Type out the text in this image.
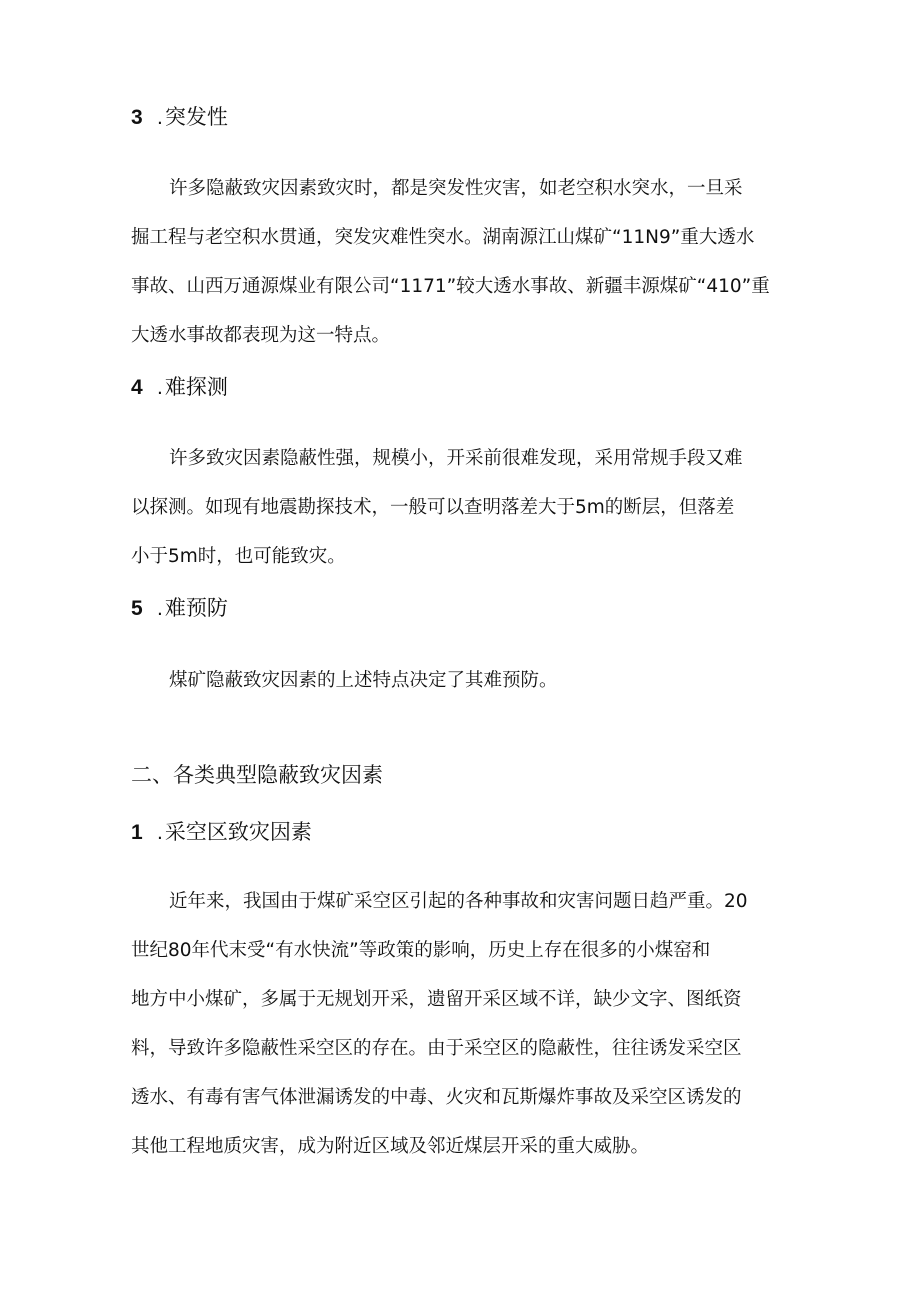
3 .突发性
许多隐蔽致灾因素致灾时，都是突发性灾害，如老空积水突水，一旦采
掘工程与老空积水贯通，突发灾难性突水。湖南源江山煤矿“11N9”重大透水
事故、山西万通源煤业有限公司“1171”较大透水事故、新疆丰源煤矿“410”重
大透水事故都表现为这一特点。
4 .难探测
许多致灾因素隐蔽性强，规模小，开采前很难发现，采用常规手段又难
以探测。如现有地震勘探技术，一般可以查明落差大于5m的断层，但落差
小于5m时，也可能致灾。
5 .难预防
煤矿隐蔽致灾因素的上述特点决定了其难预防。
二、各类典型隐蔽致灾因素
1 .采空区致灾因素
近年来，我国由于煤矿采空区引起的各种事故和灾害问题日趋严重。20
世纪80年代末受“有水快流”等政策的影响，历史上存在很多的小煤窑和
地方中小煤矿，多属于无规划开采，遗留开采区域不详，缺少文字、图纸资
料，导致许多隐蔽性采空区的存在。由于采空区的隐蔽性，往往诱发采空区
透水、有毒有害气体泄漏诱发的中毒、火灾和瓦斯爆炸事故及采空区诱发的
其他工程地质灾害，成为附近区域及邻近煤层开采的重大威胁。
